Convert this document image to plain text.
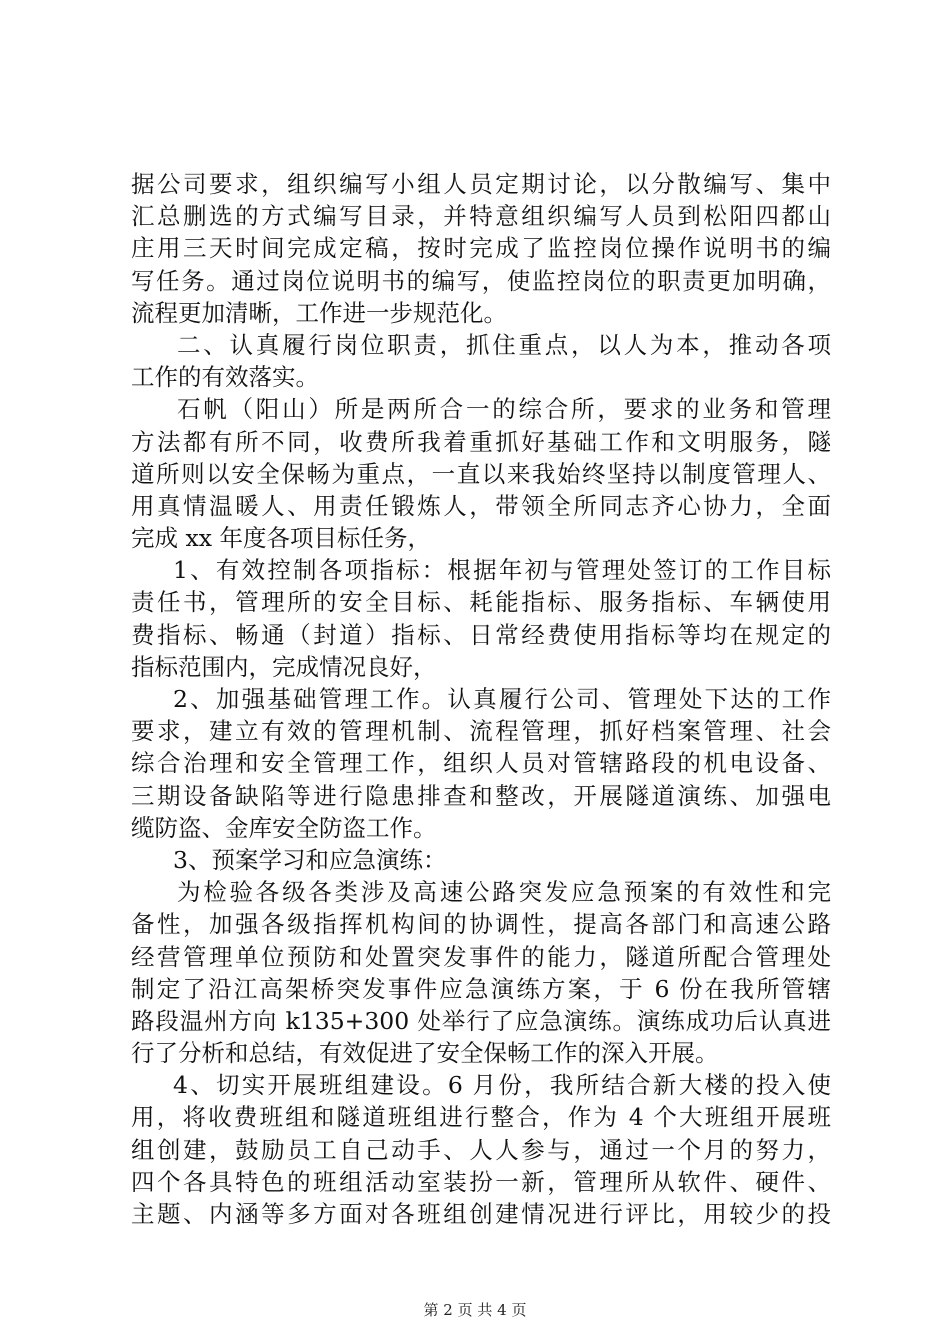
据公司要求，组织编写小组人员定期讨论，以分散编写、集中
汇总删选的方式编写目录，并特意组织编写人员到松阳四都山
庄用三天时间完成定稿，按时完成了监控岗位操作说明书的编
写任务。通过岗位说明书的编写，使监控岗位的职责更加明确，
流程更加清晰，工作进一步规范化。
二、认真履行岗位职责，抓住重点，以人为本，推动各项
工作的有效落实。
石帆（阳山）所是两所合一的综合所，要求的业务和管理
方法都有所不同，收费所我着重抓好基础工作和文明服务，隧
道所则以安全保畅为重点，一直以来我始终坚持以制度管理人、
用真情温暖人、用责任锻炼人，带领全所同志齐心协力，全面
完成 xx 年度各项目标任务，
1、有效控制各项指标：根据年初与管理处签订的工作目标
责任书，管理所的安全目标、耗能指标、服务指标、车辆使用
费指标、畅通（封道）指标、日常经费使用指标等均在规定的
指标范围内，完成情况良好，
2、加强基础管理工作。认真履行公司、管理处下达的工作
要求，建立有效的管理机制、流程管理，抓好档案管理、社会
综合治理和安全管理工作，组织人员对管辖路段的机电设备、
三期设备缺陷等进行隐患排查和整改，开展隧道演练、加强电
缆防盗、金库安全防盗工作。
3、预案学习和应急演练：
为检验各级各类涉及高速公路突发应急预案的有效性和完
备性，加强各级指挥机构间的协调性，提高各部门和高速公路
经营管理单位预防和处置突发事件的能力，隧道所配合管理处
制定了沿江高架桥突发事件应急演练方案，于 6 份在我所管辖
路段温州方向 k135+300 处举行了应急演练。演练成功后认真进
行了分析和总结，有效促进了安全保畅工作的深入开展。
4、切实开展班组建设。6 月份，我所结合新大楼的投入使
用，将收费班组和隧道班组进行整合，作为 4 个大班组开展班
组创建，鼓励员工自己动手、人人参与，通过一个月的努力，
四个各具特色的班组活动室装扮一新，管理所从软件、硬件、
主题、内涵等多方面对各班组创建情况进行评比，用较少的投
第 2 页 共 4 页
